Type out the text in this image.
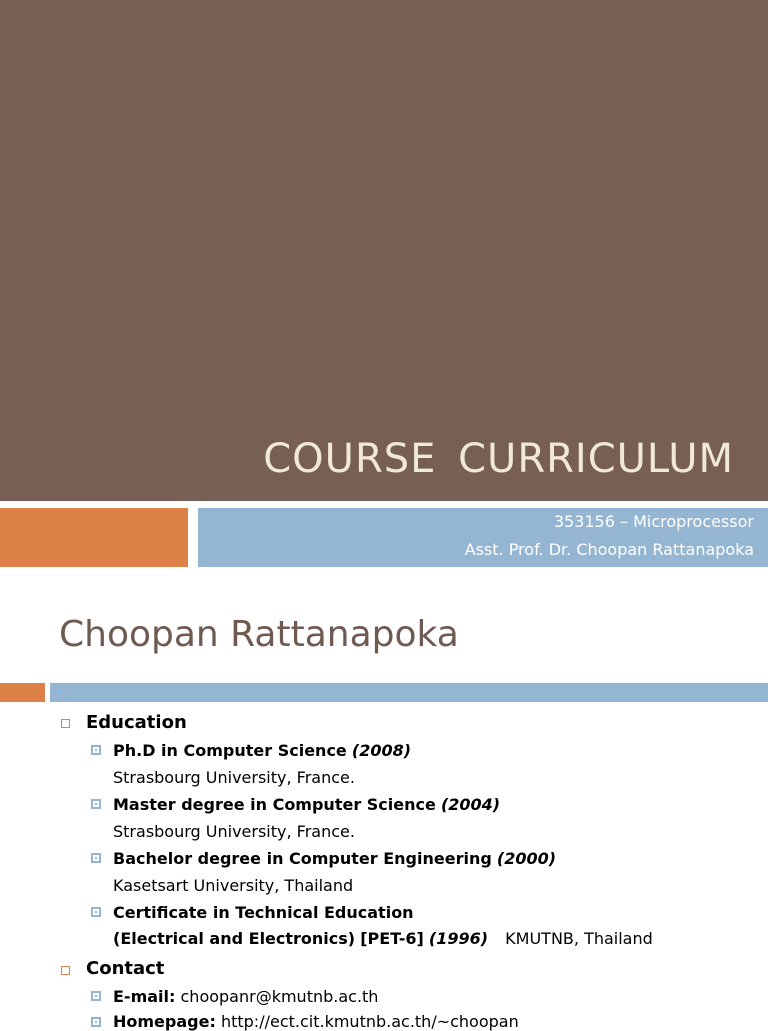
COURSE CURRICULUM
353156 – Microprocessor
Asst. Prof. Dr. Choopan Rattanapoka
Choopan Rattanapoka
Education
Ph.D in Computer Science (2008)
Strasbourg University, France.
Master degree in Computer Science (2004)
Strasbourg University, France.
Bachelor degree in Computer Engineering (2000)
Kasetsart University, Thailand
Certificate in Technical Education
(Electrical and Electronics) [PET-6] (1996) KMUTNB, Thailand
Contact
E-mail: choopanr@kmutnb.ac.th
Homepage: http://ect.cit.kmutnb.ac.th/~choopan
